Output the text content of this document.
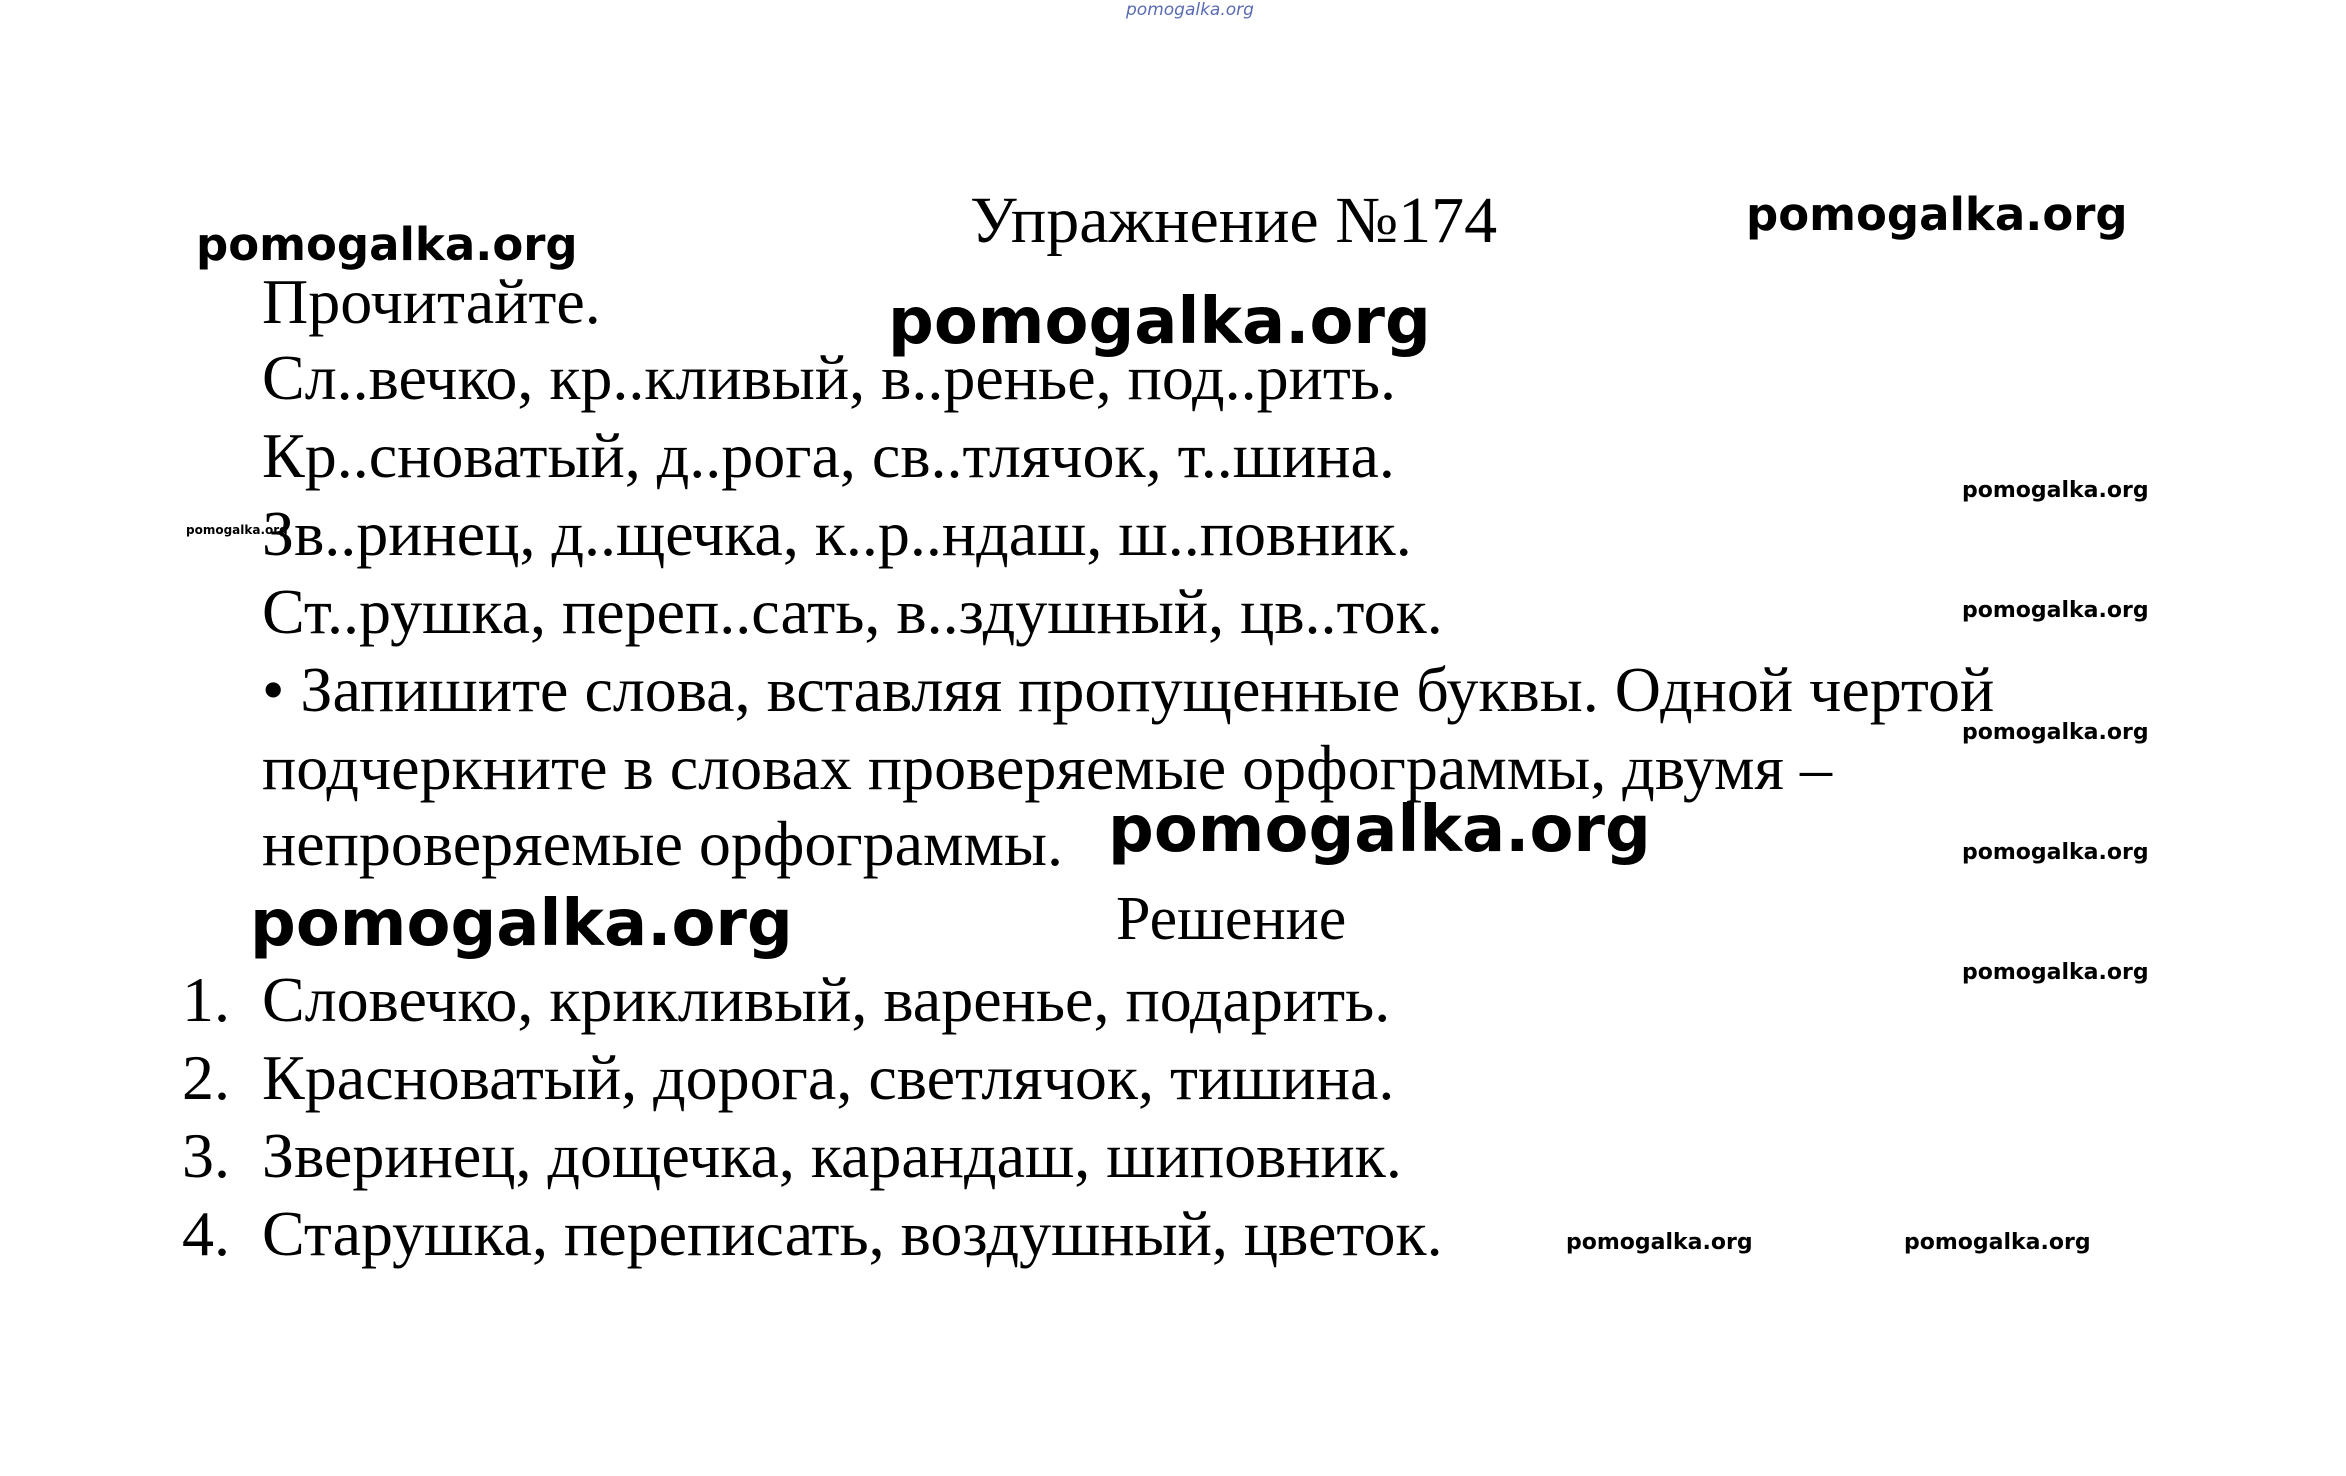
pomogalka.org
Упражнение №174
Прочитайте.
Сл..вечко, кр..кливый, в..ренье, под..рить.
Кр..сноватый, д..рога, св..тлячок, т..шина.
Зв..ринец, д..щечка, к..р..ндаш, ш..повник.
Ст..рушка, переп..сать, в..здушный, цв..ток.
• Запишите слова, вставляя пропущенные буквы. Одной чертой
подчеркните в словах проверяемые орфограммы, двумя –
непроверяемые орфограммы.
Решение
1. Словечко, крикливый, варенье, подарить.
2. Красноватый, дорога, светлячок, тишина.
3. Зверинец, дощечка, карандаш, шиповник.
4. Старушка, переписать, воздушный, цветок.
pomogalka.org
pomogalka.org
pomogalka.org
pomogalka.org
pomogalka.org
pomogalka.org
pomogalka.org
pomogalka.org	pomogalka.org
pomogalka.org
pomogalka.org
pomogalka.org	pomogalka.org
